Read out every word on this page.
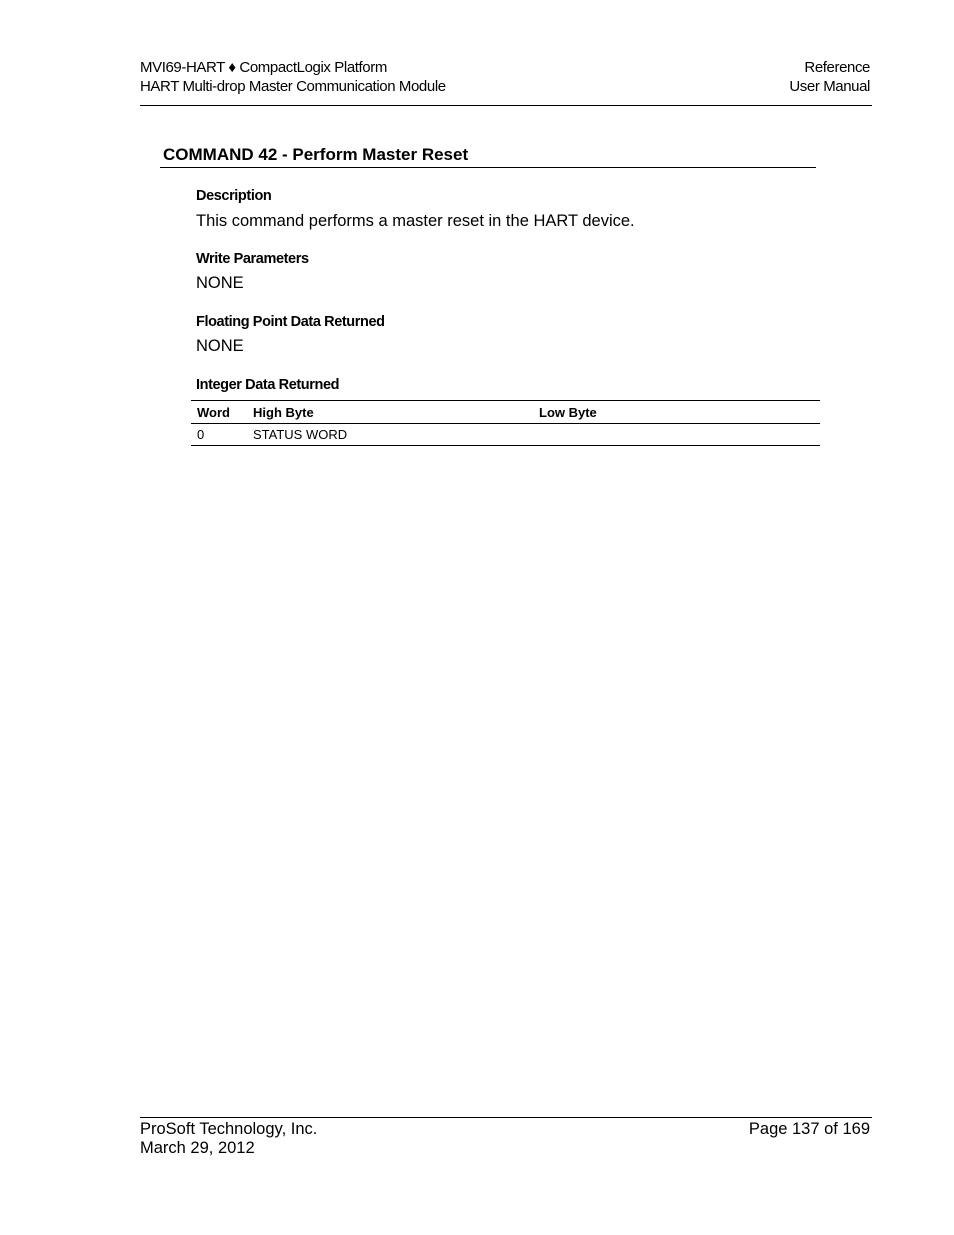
MVI69-HART ♦ CompactLogix Platform
HART Multi-drop Master Communication Module
Reference
User Manual
COMMAND 42 - Perform Master Reset
Description
This command performs a master reset in the HART device.
Write Parameters
NONE
Floating Point Data Returned
NONE
Integer Data Returned
Word	High Byte	Low Byte
0	STATUS WORD	
ProSoft Technology, Inc.
March 29, 2012
Page 137 of 169
